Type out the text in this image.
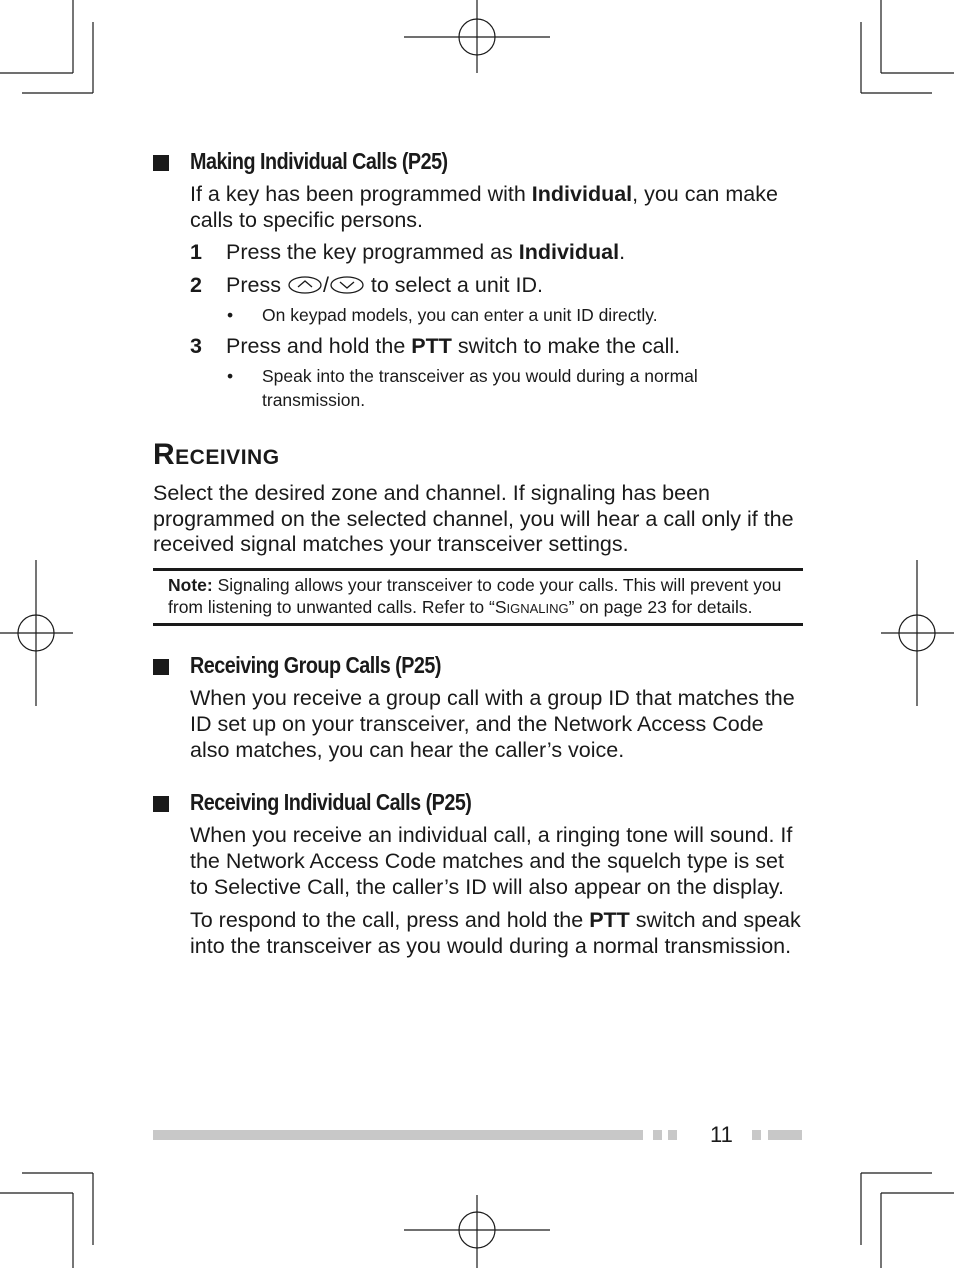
Making Individual Calls (P25)

If a key has been programmed with Individual, you can make calls to specific persons.

1 Press the key programmed as Individual.
2 Press / to select a unit ID.
• On keypad models, you can enter a unit ID directly.
3 Press and hold the PTT switch to make the call.
• Speak into the transceiver as you would during a normal transmission.
RECEIVING

Select the desired zone and channel. If signaling has been programmed on the selected channel, you will hear a call only if the received signal matches your transceiver settings.

Note: Signaling allows your transceiver to code your calls. This will prevent you from listening to unwanted calls. Refer to “SIGNALING” on page 23 for details.
Receiving Group Calls (P25)

When you receive a group call with a group ID that matches the ID set up on your transceiver, and the Network Access Code also matches, you can hear the caller’s voice.

Receiving Individual Calls (P25)

When you receive an individual call, a ringing tone will sound. If the Network Access Code matches and the squelch type is set to Selective Call, the caller’s ID will also appear on the display.

To respond to the call, press and hold the PTT switch and speak into the transceiver as you would during a normal transmission.

11
